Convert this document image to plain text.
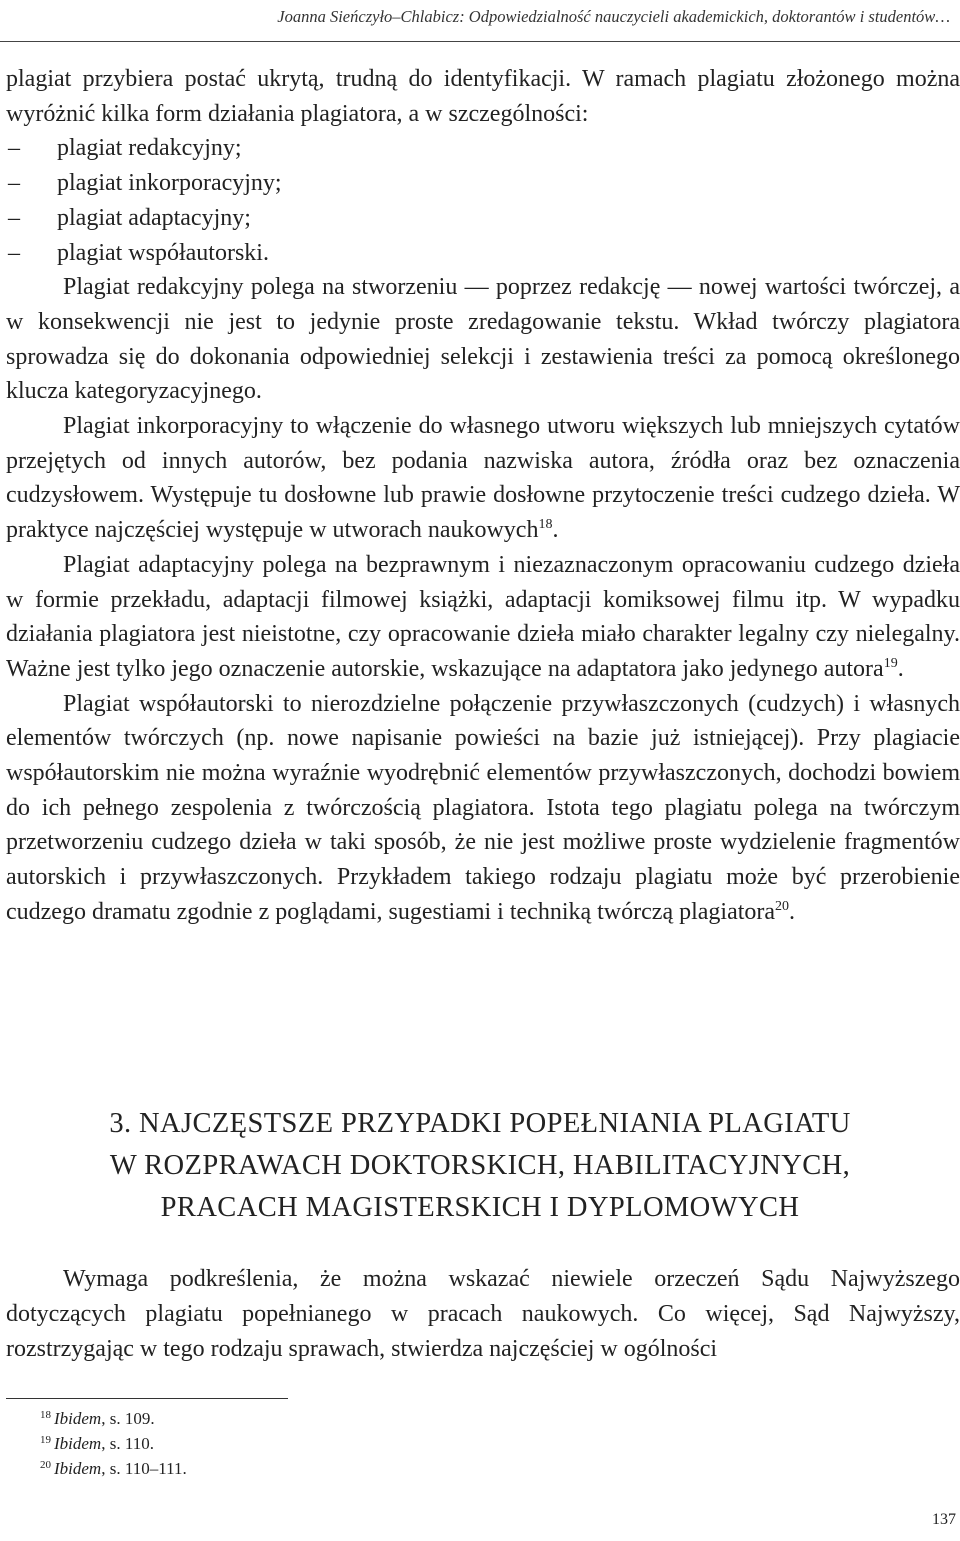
Joanna Sieńczyło–Chlabicz: Odpowiedzialność nauczycieli akademickich, doktorantów i studentów…

plagiat przybiera postać ukrytą, trudną do identyfikacji. W ramach plagiatu złożonego można wyróżnić kilka form działania plagiatora, a w szczególności:

– plagiat redakcyjny;
– plagiat inkorporacyjny;
– plagiat adaptacyjny;
– plagiat współautorski.

Plagiat redakcyjny polega na stworzeniu — poprzez redakcję — nowej wartości twórczej, a w konsekwencji nie jest to jedynie proste zredagowanie tekstu. Wkład twórczy plagiatora sprowadza się do dokonania odpowiedniej selekcji i zestawienia treści za pomocą określonego klucza kategoryzacyjnego.

Plagiat inkorporacyjny to włączenie do własnego utworu większych lub mniejszych cytatów przejętych od innych autorów, bez podania nazwiska autora, źródła oraz bez oznaczenia cudzysłowem. Występuje tu dosłowne lub prawie dosłowne przytoczenie treści cudzego dzieła. W praktyce najczęściej występuje w utworach naukowych$^{18}$.

Plagiat adaptacyjny polega na bezprawnym i niezaznaczonym opracowaniu cudzego dzieła w formie przekładu, adaptacji filmowej książki, adaptacji komiksowej filmu itp. W wypadku działania plagiatora jest nieistotne, czy opracowanie dzieła miało charakter legalny czy nielegalny. Ważne jest tylko jego oznaczenie autorskie, wskazujące na adaptatora jako jedynego autora$^{19}$.

Plagiat współautorski to nierozdzielne połączenie przywłaszczonych (cudzych) i własnych elementów twórczych (np. nowe napisanie powieści na bazie już istniejącej). Przy plagiacie współautorskim nie można wyraźnie wyodrębnić elementów przywłaszczonych, dochodzi bowiem do ich pełnego zespolenia z twórczością plagiatora. Istota tego plagiatu polega na twórczym przetworzeniu cudzego dzieła w taki sposób, że nie jest możliwe proste wydzielenie fragmentów autorskich i przywłaszczonych. Przykładem takiego rodzaju plagiatu może być przerobienie cudzego dramatu zgodnie z poglądami, sugestiami i techniką twórczą plagiatora$^{20}$.

3. NAJCZĘSTSZE PRZYPADKI POPEŁNIANIA PLAGIATU
W ROZPRAWACH DOKTORSKICH, HABILITACYJNYCH,
PRACACH MAGISTERSKICH I DYPLOMOWYCH

Wymaga podkreślenia, że można wskazać niewiele orzeczeń Sądu Najwyższego dotyczących plagiatu popełnianego w pracach naukowych. Co więcej, Sąd Najwyższy, rozstrzygając w tego rodzaju sprawach, stwierdza najczęściej w ogólności

$^{18}$ Ibidem, s. 109.
$^{19}$ Ibidem, s. 110.
$^{20}$ Ibidem, s. 110–111.
137
